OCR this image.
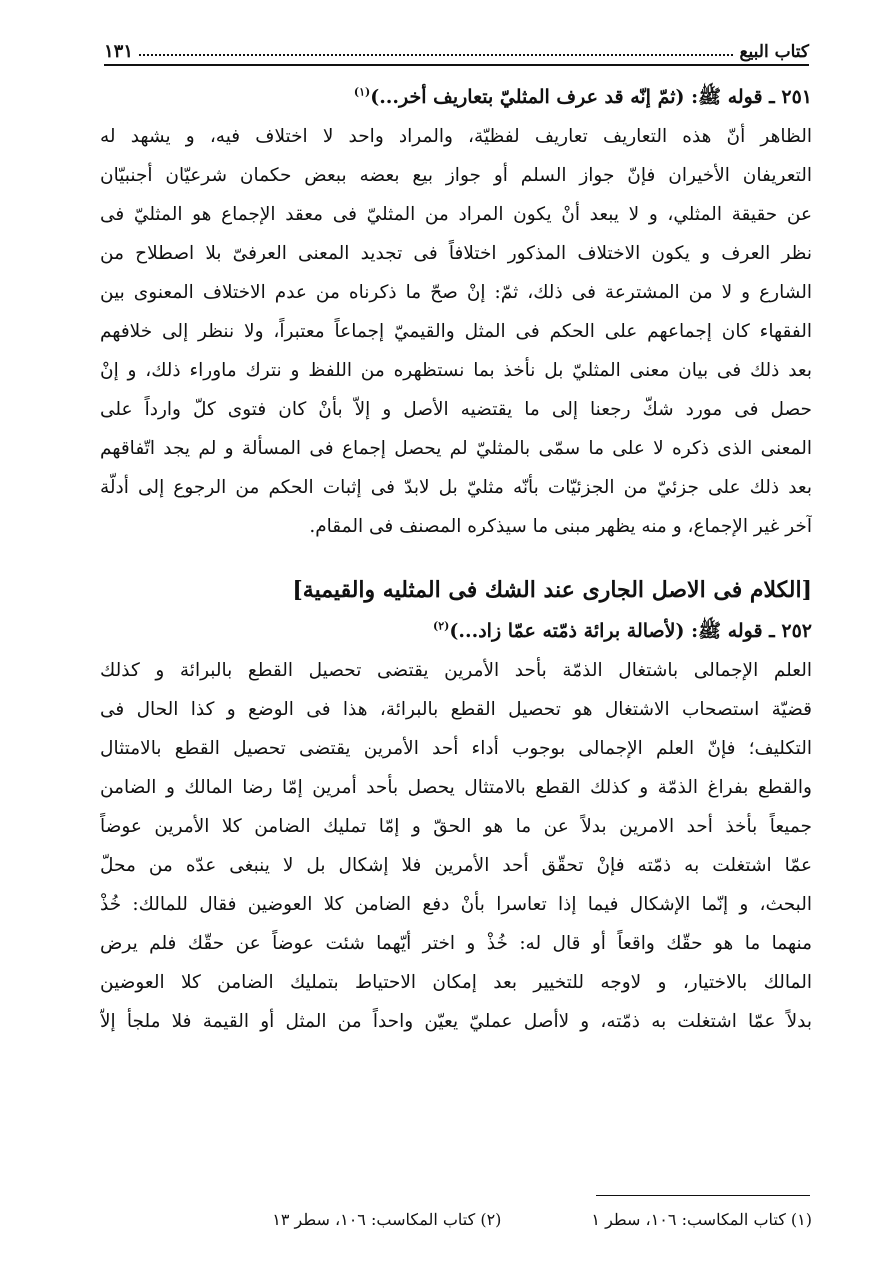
كتاب البيع
١٣١
٢٥١ ـ قوله ﷺ: (ثمّ إنّه قد عرف المثليّ بتعاريف أخر...)$^{(١)}$
الظاهر أنّ هذه التعاريف تعاريف لفظيّة، والمراد واحد لا اختلاف فيه، و يشهد له
التعريفان الأخيران فإنّ جواز السلم أو جواز بيع بعضه ببعض حكمان شرعيّان أجنبيّان
عن حقيقة المثلي، و لا يبعد أنْ يكون المراد من المثليّ فى معقد الإجماع هو المثليّ فى
نظر العرف و يكون الاختلاف المذكور اختلافاً فى تجديد المعنى العرفىّ بلا اصطلاح من
الشارع و لا من المشترعة فى ذلك، ثمّ: إنْ صحّ ما ذكرناه من عدم الاختلاف المعنوى بين
الفقهاء كان إجماعهم على الحكم فى المثل والقيميّ إجماعاً معتبراً، ولا ننظر إلى خلافهم
بعد ذلك فى بيان معنى المثليّ بل نأخذ بما نستظهره من اللفظ و نترك ماوراء ذلك، و إنْ
حصل فى مورد شكّ رجعنا إلى ما يقتضيه الأصل و إلاّ بأنْ كان فتوى كلّ وارداً على
المعنى الذى ذكره لا على ما سمّى بالمثليّ لم يحصل إجماع فى المسألة و لم يجد اتّفاقهم
بعد ذلك على جزئيّ من الجزئيّات بأنّه مثليّ بل لابدّ فى إثبات الحكم من الرجوع إلى أدلّة
آخر غير الإجماع، و منه يظهر مبنى ما سيذكره المصنف فى المقام.
[الكلام فى الاصل الجارى عند الشك فى المثليه والقيمية]
٢٥٢ ـ قوله ﷺ: (لأصالة برائة ذمّته عمّا زاد...)$^{(٢)}$
العلم الإجمالى باشتغال الذمّة بأحد الأمرين يقتضى تحصيل القطع بالبرائة و كذلك
قضيّة استصحاب الاشتغال هو تحصيل القطع بالبرائة، هذا فى الوضع و كذا الحال فى
التكليف؛ فإنّ العلم الإجمالى بوجوب أداء أحد الأمرين يقتضى تحصيل القطع بالامتثال
والقطع بفراغ الذمّة و كذلك القطع بالامتثال يحصل بأحد أمرين إمّا رضا المالك و الضامن
جميعاً بأخذ أحد الامرين بدلاً عن ما هو الحقّ و إمّا تمليك الضامن كلا الأمرين عوضاً
عمّا اشتغلت به ذمّته فإنْ تحقّق أحد الأمرين فلا إشكال بل لا ينبغى عدّه من محلّ
البحث، و إنّما الإشكال فيما إذا تعاسرا بأنْ دفع الضامن كلا العوضين فقال للمالك: خُذْ
منهما ما هو حقّك واقعاً أو قال له: خُذْ و اختر أيّهما شئت عوضاً عن حقّك فلم يرض
المالك بالاختيار، و لاوجه للتخيير بعد إمكان الاحتياط بتمليك الضامن كلا العوضين
بدلاً عمّا اشتغلت به ذمّته، و لاأصل عمليّ يعيّن واحداً من المثل أو القيمة فلا ملجأ إلاّ
(١) كتاب المكاسب: ١٠٦، سطر ١
(٢) كتاب المكاسب: ١٠٦، سطر ١٣
